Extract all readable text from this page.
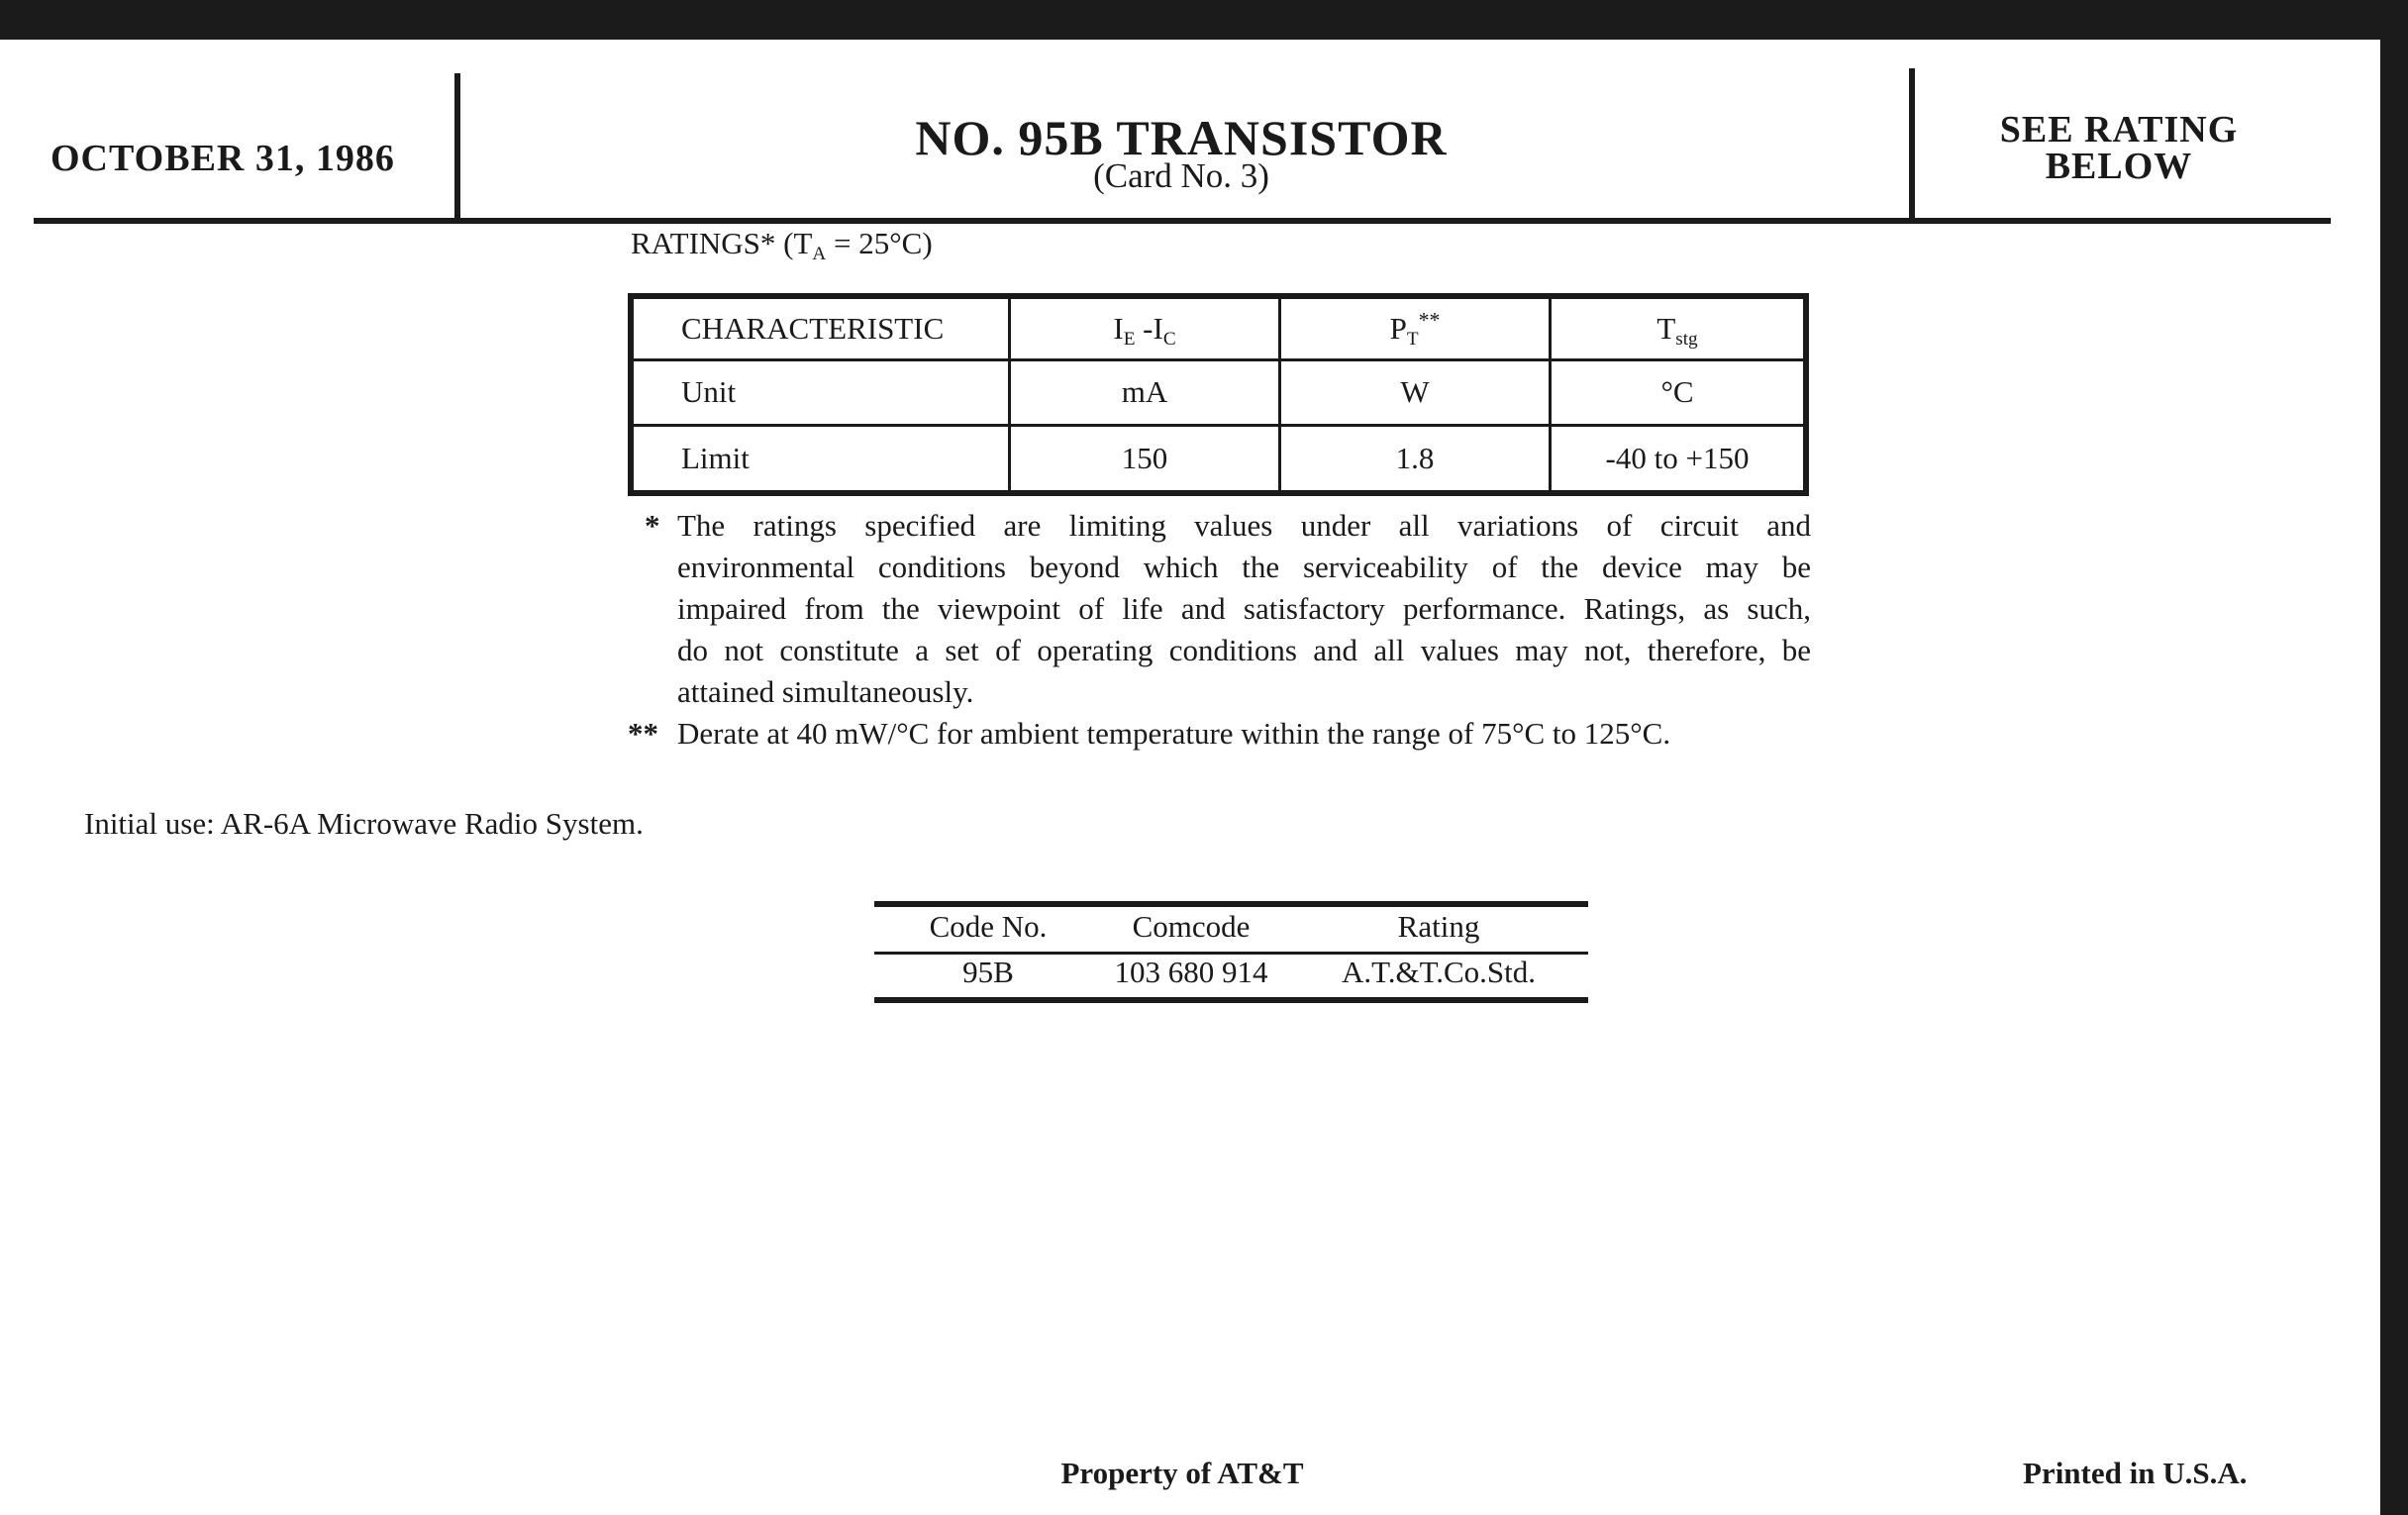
OCTOBER 31, 1986	NO. 95B TRANSISTOR
(Card No. 3)
SEE RATING
BELOW
RATINGS* $(T_A = 25^\circ C)$
CHARACTERISTIC	$I_E$ $-I_C$	$P_T^{**}$	$T_{stg}$
Unit	mA	W	°C
Limit	150	1.8	-40 to +150
* The ratings specified are limiting values under all variations of circuit and
environmental conditions beyond which the serviceability of the device may be
impaired from the viewpoint of life and satisfactory performance. Ratings, as such,
do not constitute a set of operating conditions and all values may not, therefore, be
attained simultaneously.
** Derate at 40 mW/°C for ambient temperature within the range of 75°C to 125°C.
Initial use: AR-6A Microwave Radio System.
Code No.	Comcode	Rating
95B	103 680 914	A.T.&T.Co.Std.
Property of AT&T	Printed in U.S.A.
